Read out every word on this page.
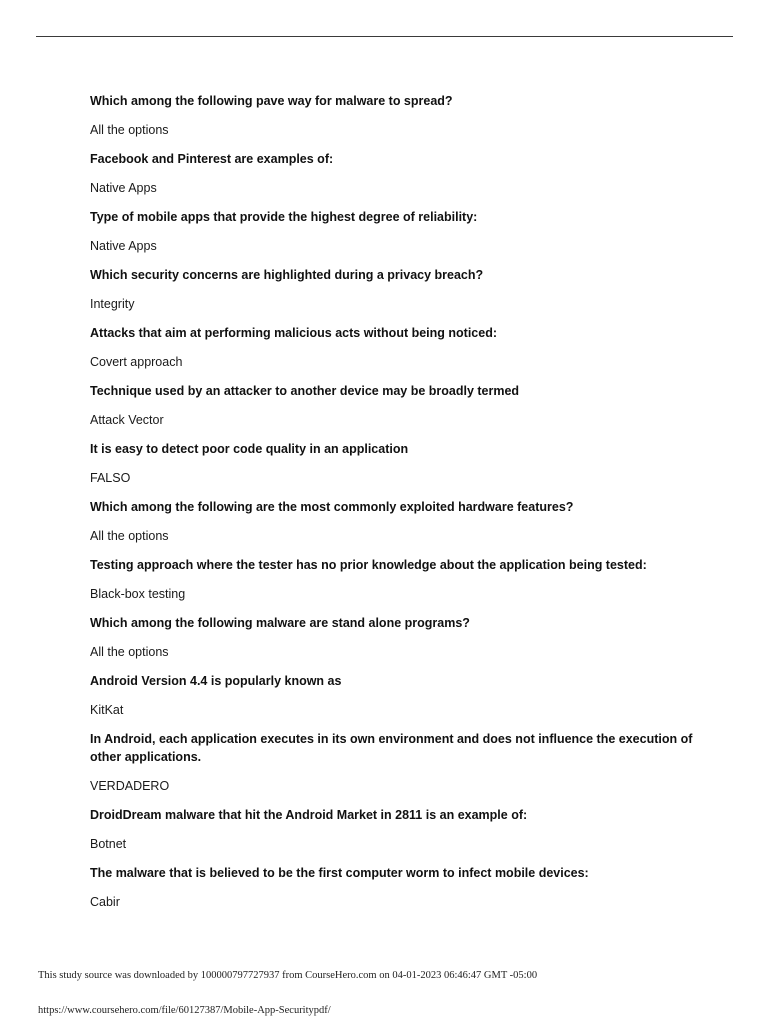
Which among the following pave way for malware to spread?
All the options
Facebook and Pinterest are examples of:
Native Apps
Type of mobile apps that provide the highest degree of reliability:
Native Apps
Which security concerns are highlighted during a privacy breach?
Integrity
Attacks that aim at performing malicious acts without being noticed:
Covert approach
Technique used by an attacker to another device may be broadly termed
Attack Vector
It is easy to detect poor code quality in an application
FALSO
Which among the following are the most commonly exploited hardware features?
All the options
Testing approach where the tester has no prior knowledge about the application being tested:
Black-box testing
Which among the following malware are stand alone programs?
All the options
Android Version 4.4 is popularly known as
KitKat
In Android, each application executes in its own environment and does not influence the execution of other applications.
VERDADERO
DroidDream malware that hit the Android Market in 2811 is an example of:
Botnet
The malware that is believed to be the first computer worm to infect mobile devices:
Cabir
This study source was downloaded by 100000797727937 from CourseHero.com on 04-01-2023 06:46:47 GMT -05:00
https://www.coursehero.com/file/60127387/Mobile-App-Securitypdf/
